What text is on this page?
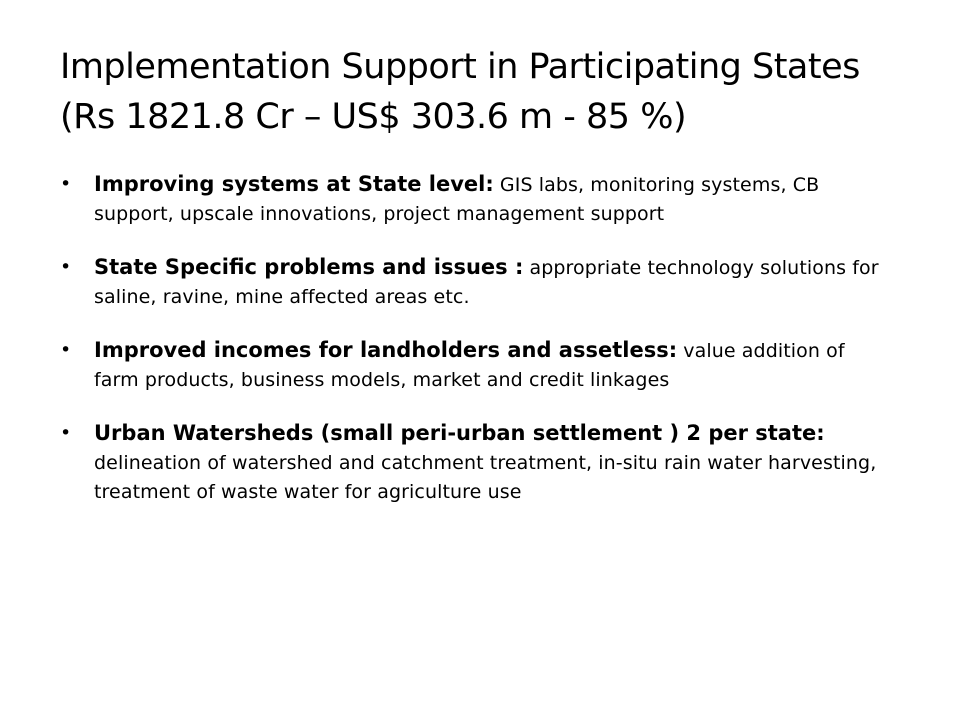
Implementation Support in Participating States
(Rs 1821.8 Cr – US$ 303.6 m - 85 %)
• Improving systems at State level: GIS labs, monitoring systems, CB support, upscale innovations, project management support
• State Specific problems and issues : appropriate technology solutions for saline, ravine, mine affected areas etc.
• Improved incomes for landholders and assetless: value addition of farm products, business models, market and credit linkages
• Urban Watersheds (small peri-urban settlement ) 2 per state: delineation of watershed and catchment treatment, in-situ rain water harvesting, treatment of waste water for agriculture use
